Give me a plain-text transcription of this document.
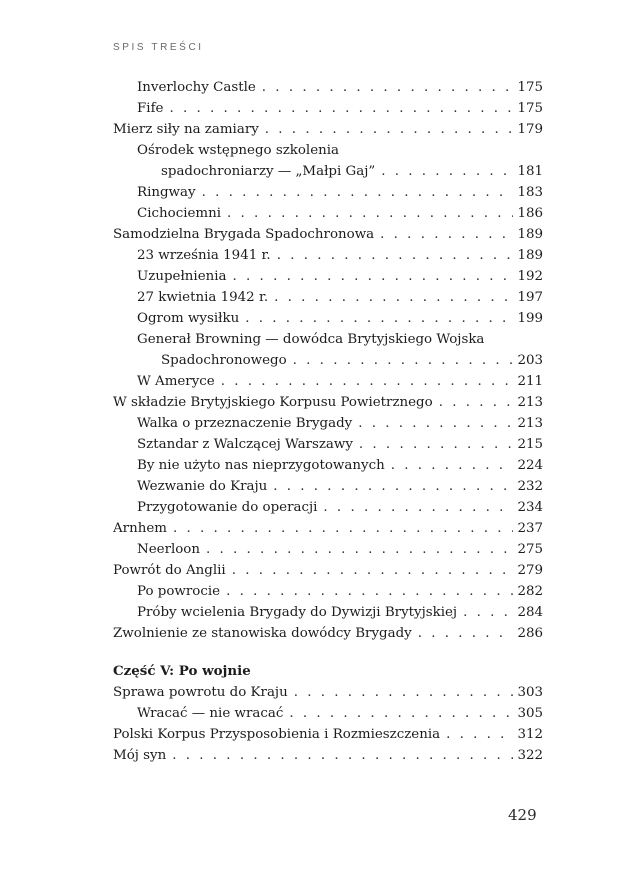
SPIS TREŚCI
Inverlochy Castle . . .	175
Fife . . .	175
Mierz siły na zamiary . . .	179
Ośrodek wstępnego szkolenia
spadochroniarzy — „Małpi Gaj” . . .	181
Ringway . . .	183
Cichociemni . . .	186
Samodzielna Brygada Spadochronowa . . .	189
23 września 1941 r. . . .	189
Uzupełnienia . . .	192
27 kwietnia 1942 r. . . .	197
Ogrom wysiłku . . .	199
Generał Browning — dowódca Brytyjskiego Wojska
Spadochronowego . . .	203
W Ameryce . . .	211
W składzie Brytyjskiego Korpusu Powietrznego . . .	213
Walka o przeznaczenie Brygady . . .	213
Sztandar z Walczącej Warszawy . . .	215
By nie użyto nas nieprzygotowanych . . .	224
Wezwanie do Kraju . . .	232
Przygotowanie do operacji . . .	234
Arnhem . . .	237
Neerloon . . .	275
Powrót do Anglii . . .	279
Po powrocie . . .	282
Próby wcielenia Brygady do Dywizji Brytyjskiej . . .	284
Zwolnienie ze stanowiska dowódcy Brygady . . .	286
Część V: Po wojnie
Sprawa powrotu do Kraju . . .	303
Wracać — nie wracać . . .	305
Polski Korpus Przysposobienia i Rozmieszczenia . . .	312
Mój syn . . .	322
429
